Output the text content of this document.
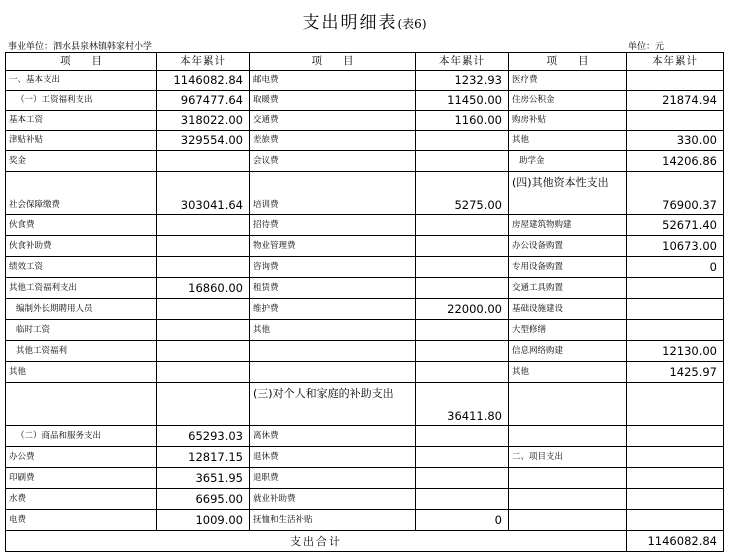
支出明细表(表6)
事业单位：泗水县泉林镇韩家村小学	单位：元
项　　目	本年累计	项　　目	本年累计	项　　目	本年累计
一、基本支出	1146082.84	邮电费	1232.93	医疗费	
（一）工资福利支出	967477.64	取暖费	11450.00	住房公积金	21874.94
基本工资	318022.00	交通费	1160.00	购房补贴	
津贴补贴	329554.00	差旅费		其他	330.00
奖金		会议费		助学金	14206.86
社会保障缴费	303041.64	培训费	5275.00	(四)其他资本性支出	76900.37
伙食费		招待费		房屋建筑物购建	52671.40
伙食补助费		物业管理费		办公设备购置	10673.00
绩效工资		咨询费		专用设备购置	0
其他工资福利支出	16860.00	租赁费		交通工具购置	
编制外长期聘用人员		维护费	22000.00	基础设施建设	
临时工资		其他		大型修缮	
其他工资福利				信息网络购建	12130.00
其他				其他	1425.97
		(三)对个人和家庭的补助支出	36411.80		
（二）商品和服务支出	65293.03	离休费			
办公费	12817.15	退休费		二、项目支出	
印刷费	3651.95	退职费			
水费	6695.00	就业补助费			
电费	1009.00	抚恤和生活补贴	0		
支出合计					1146082.84
